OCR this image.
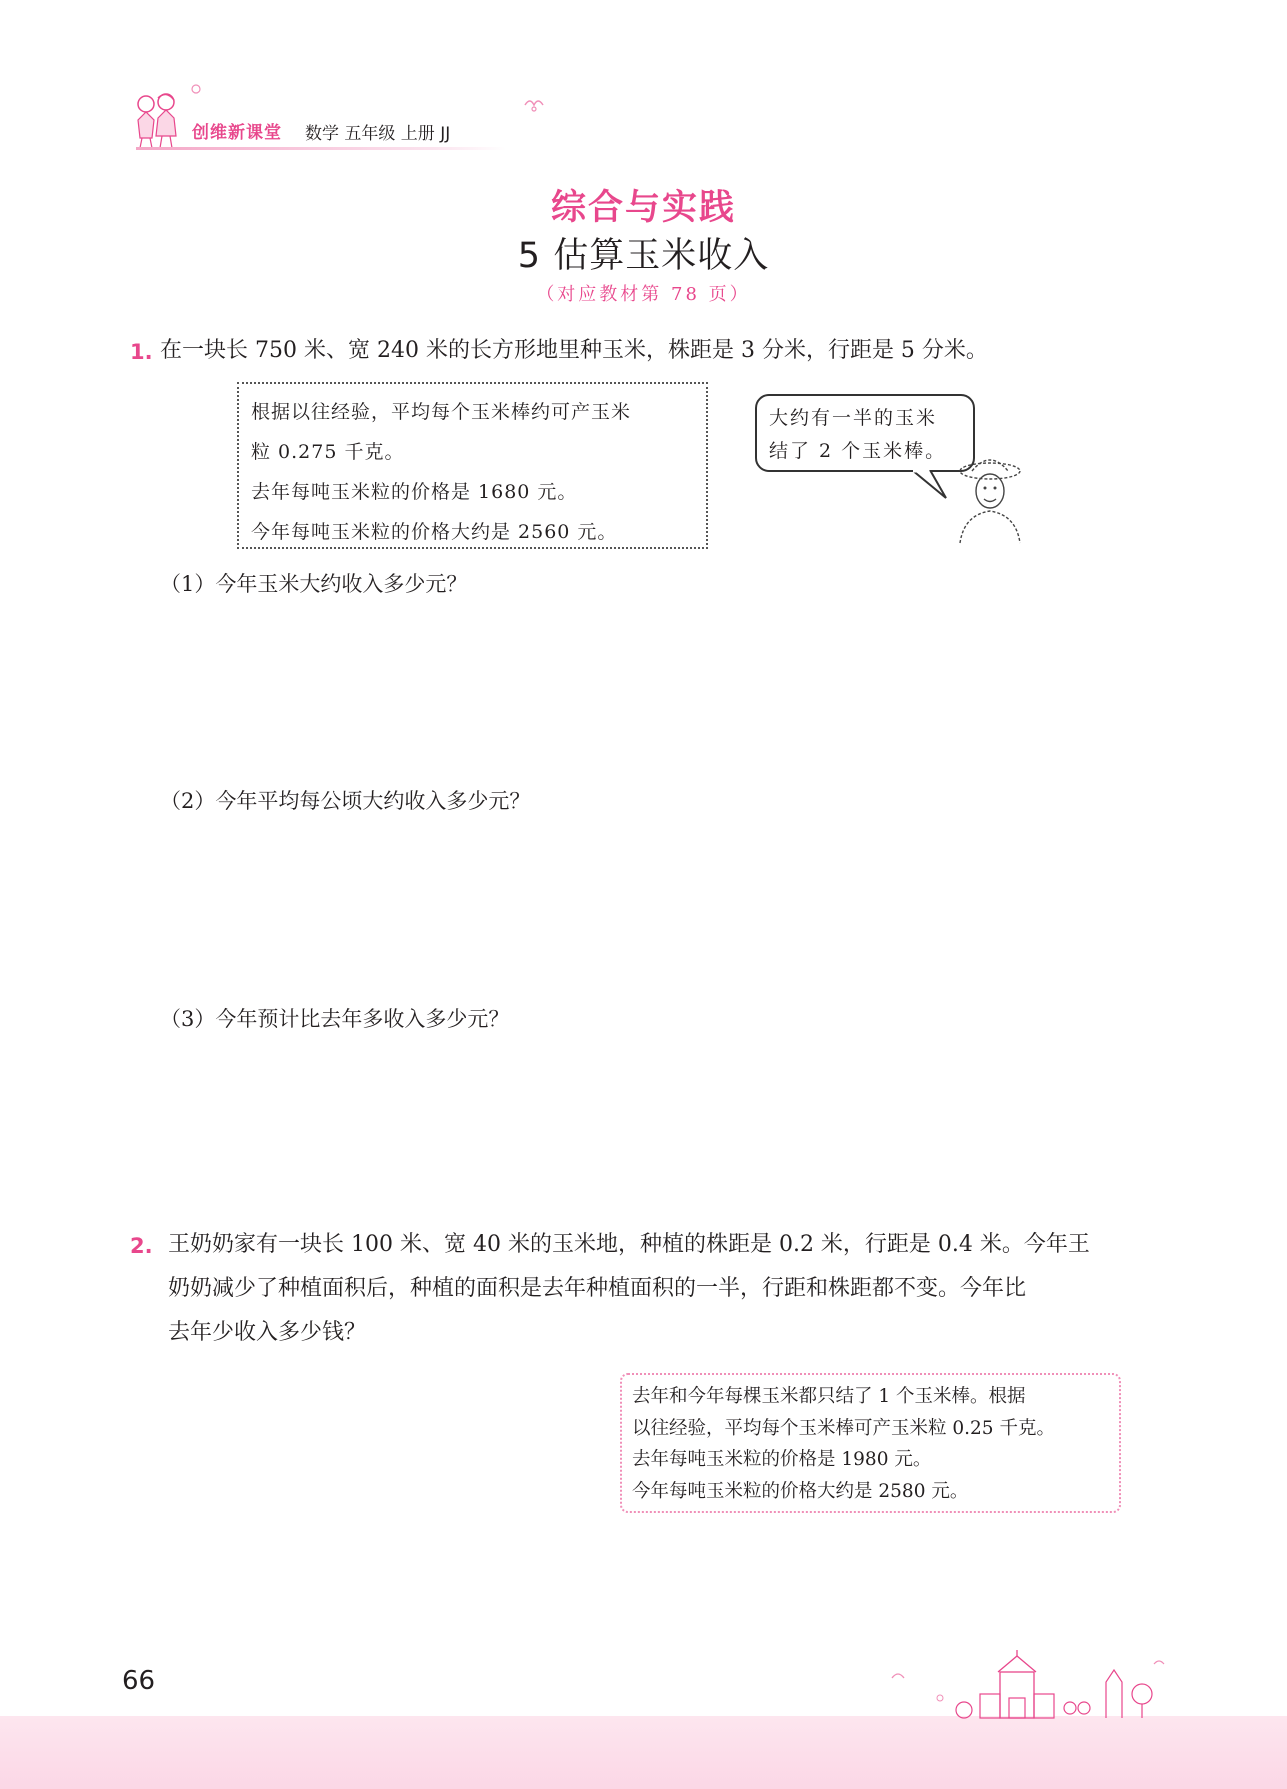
创维新课堂 数学 五年级 上册 JJ
综合与实践
5 估算玉米收入
（对应教材第 78 页）
1. 在一块长 750 米、宽 240 米的长方形地里种玉米，株距是 3 分米，行距是 5 分米。

根据以往经验，平均每个玉米棒约可产玉米

粒 0.275 千克。

去年每吨玉米粒的价格是 1680 元。

今年每吨玉米粒的价格大约是 2560 元。

大约有一半的玉米

结了 2 个玉米棒。

（1）今年玉米大约收入多少元？
（2）今年平均每公顷大约收入多少元？
（3）今年预计比去年多收入多少元？
2. 王奶奶家有一块长 100 米、宽 40 米的玉米地，种植的株距是 0.2 米，行距是 0.4 米。今年王
奶奶减少了种植面积后，种植的面积是去年种植面积的一半，行距和株距都不变。今年比
去年少收入多少钱？

去年和今年每棵玉米都只结了 1 个玉米棒。根据

以往经验，平均每个玉米棒可产玉米粒 0.25 千克。

去年每吨玉米粒的价格是 1980 元。

今年每吨玉米粒的价格大约是 2580 元。

66
